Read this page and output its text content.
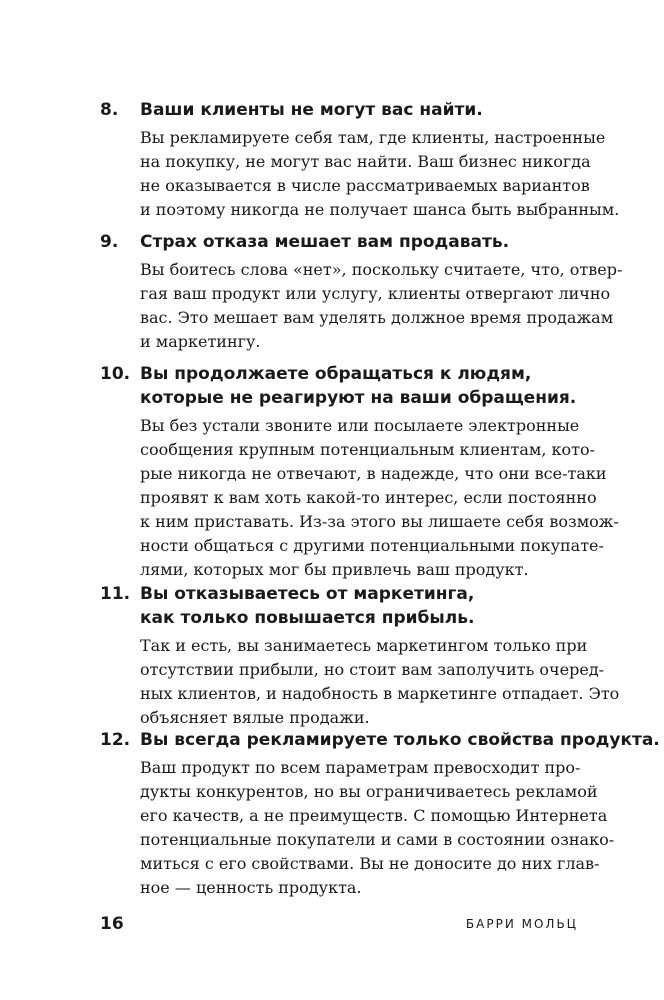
8. Ваши клиенты не могут вас найти.
Вы рекламируете себя там, где клиенты, настроенные
на покупку, не могут вас найти. Ваш бизнес никогда
не оказывается в числе рассматриваемых вариантов
и поэтому никогда не получает шанса быть выбранным.
9. Страх отказа мешает вам продавать.
Вы боитесь слова «нет», поскольку считаете, что, отвер-
гая ваш продукт или услугу, клиенты отвергают лично
вас. Это мешает вам уделять должное время продажам
и маркетингу.
10. Вы продолжаете обращаться к людям,
которые не реагируют на ваши обращения.
Вы без устали звоните или посылаете электронные
сообщения крупным потенциальным клиентам, кото-
рые никогда не отвечают, в надежде, что они все-таки
проявят к вам хоть какой-то интерес, если постоянно
к ним приставать. Из-за этого вы лишаете себя возмож-
ности общаться с другими потенциальными покупате-
лями, которых мог бы привлечь ваш продукт.
11. Вы отказываетесь от маркетинга,
как только повышается прибыль.
Так и есть, вы занимаетесь маркетингом только при
отсутствии прибыли, но стоит вам заполучить очеред-
ных клиентов, и надобность в маркетинге отпадает. Это
объясняет вялые продажи.
12. Вы всегда рекламируете только свойства продукта.
Ваш продукт по всем параметрам превосходит про-
дукты конкурентов, но вы ограничиваетесь рекламой
его качеств, а не преимуществ. С помощью Интернета
потенциальные покупатели и сами в состоянии ознако-
миться с его свойствами. Вы не доносите до них глав-
ное — ценность продукта.
16	БАРРИ МОЛЬЦ
